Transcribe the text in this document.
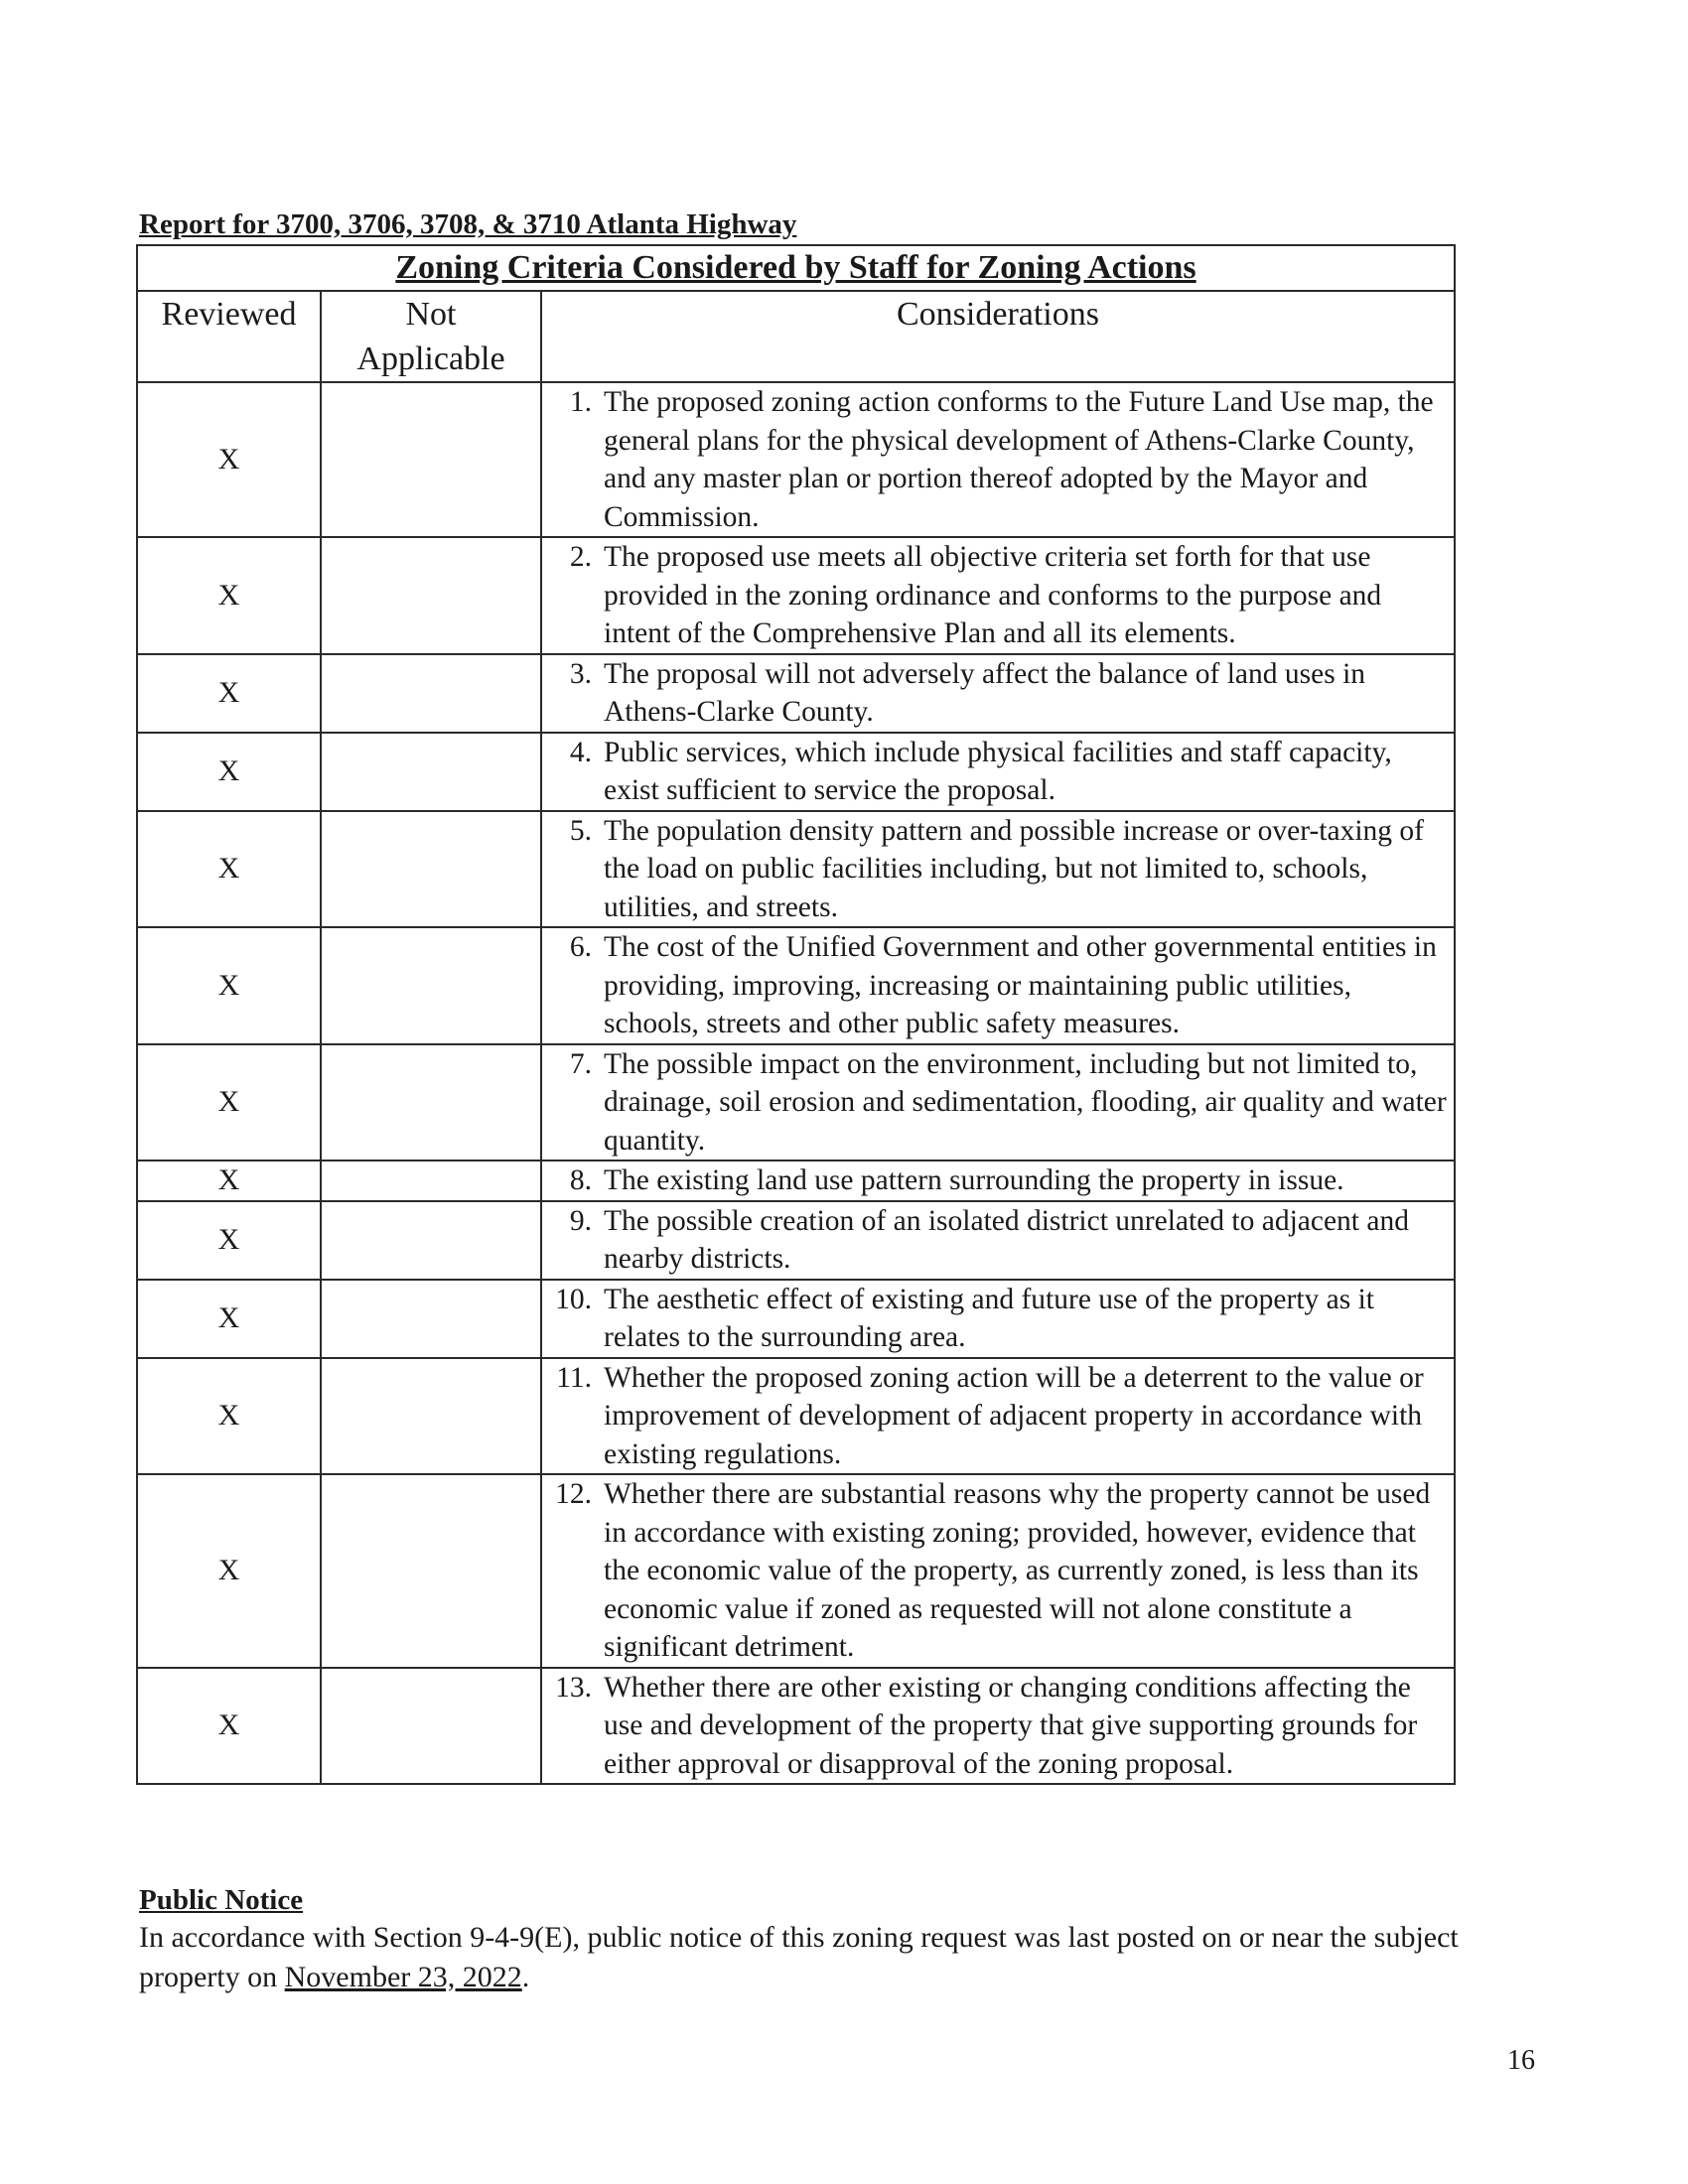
Report for 3700, 3706, 3708, & 3710 Atlanta Highway
Zoning Criteria Considered by Staff for Zoning Actions		
Reviewed	Not Applicable	Considerations
X		1. The proposed zoning action conforms to the Future Land Use map, the general plans for the physical development of Athens-Clarke County, and any master plan or portion thereof adopted by the Mayor and Commission.

X		2. The proposed use meets all objective criteria set forth for that use provided in the zoning ordinance and conforms to the purpose and intent of the Comprehensive Plan and all its elements.

X		3. The proposal will not adversely affect the balance of land uses in Athens-Clarke County.

X		4. Public services, which include physical facilities and staff capacity, exist sufficient to service the proposal.

X		5. The population density pattern and possible increase or over-taxing of the load on public facilities including, but not limited to, schools, utilities, and streets.

X		6. The cost of the Unified Government and other governmental entities in providing, improving, increasing or maintaining public utilities, schools, streets and other public safety measures.

X		7. The possible impact on the environment, including but not limited to, drainage, soil erosion and sedimentation, flooding, air quality and water quantity.

X		8. The existing land use pattern surrounding the property in issue.

X		9. The possible creation of an isolated district unrelated to adjacent and nearby districts.

X		10. The aesthetic effect of existing and future use of the property as it relates to the surrounding area.

X		11. Whether the proposed zoning action will be a deterrent to the value or improvement of development of adjacent property in accordance with existing regulations.

X		12. Whether there are substantial reasons why the property cannot be used in accordance with existing zoning; provided, however, evidence that the economic value of the property, as currently zoned, is less than its economic value if zoned as requested will not alone constitute a significant detriment.

X		13. Whether there are other existing or changing conditions affecting the use and development of the property that give supporting grounds for either approval or disapproval of the zoning proposal.
Public Notice
In accordance with Section 9-4-9(E), public notice of this zoning request was last posted on or near the subject property on November 23, 2022.
16
